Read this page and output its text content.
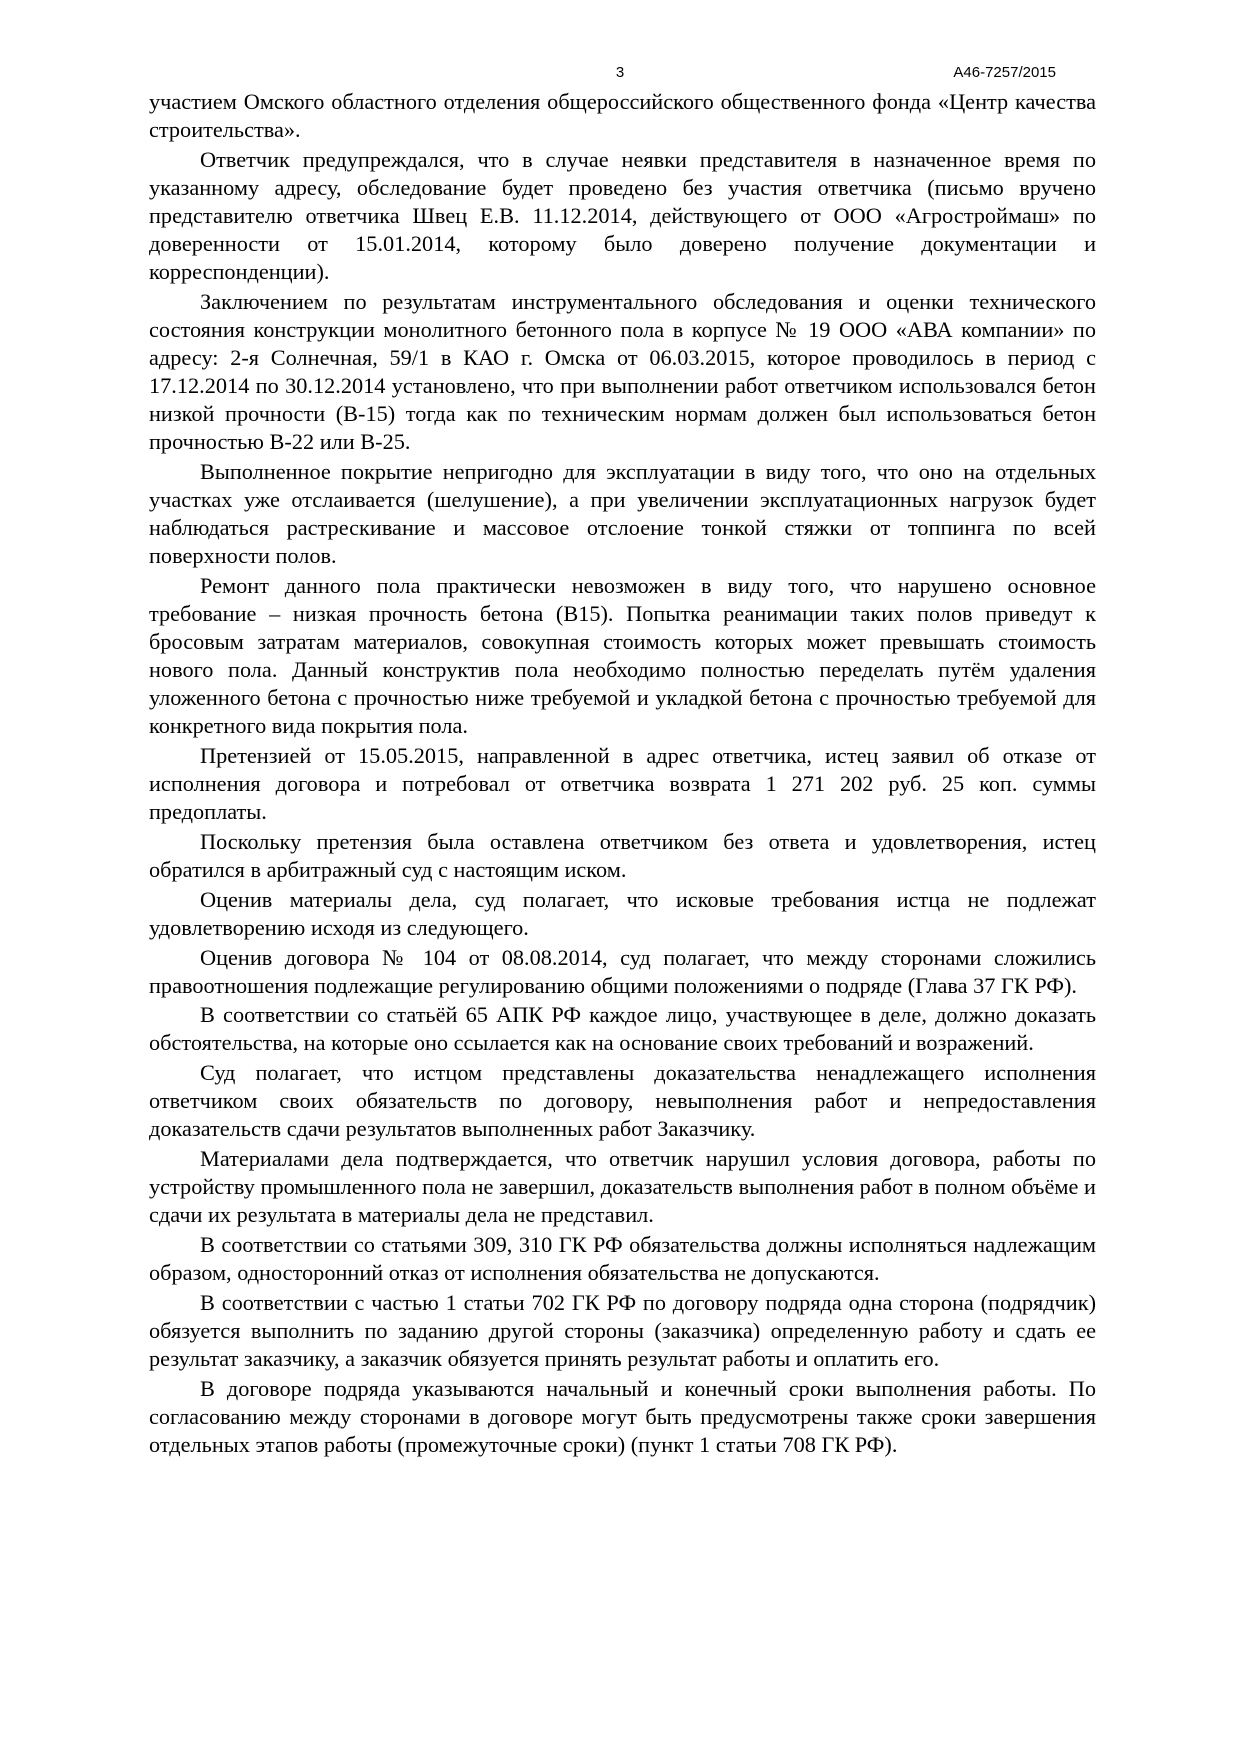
3	А46-7257/2015

участием Омского областного отделения общероссийского общественного фонда «Центр качества строительства».

Ответчик предупреждался, что в случае неявки представителя в назначенное время по указанному адресу, обследование будет проведено без участия ответчика (письмо вручено представителю ответчика Швец Е.В. 11.12.2014, действующего от ООО «Агростроймаш» по доверенности от 15.01.2014, которому было доверено получение документации и корреспонденции).

Заключением по результатам инструментального обследования и оценки технического состояния конструкции монолитного бетонного пола в корпусе № 19 ООО «АВА компании» по адресу: 2-я Солнечная, 59/1 в КАО г. Омска от 06.03.2015, которое проводилось в период с 17.12.2014 по 30.12.2014 установлено, что при выполнении работ ответчиком использовался бетон низкой прочности (В-15) тогда как по техническим нормам должен был использоваться бетон прочностью В-22 или В-25.

Выполненное покрытие непригодно для эксплуатации в виду того, что оно на отдельных участках уже отслаивается (шелушение), а при увеличении эксплуатационных нагрузок будет наблюдаться растрескивание и массовое отслоение тонкой стяжки от топпинга по всей поверхности полов.

Ремонт данного пола практически невозможен в виду того, что нарушено основное требование – низкая прочность бетона (В15). Попытка реанимации таких полов приведут к бросовым затратам материалов, совокупная стоимость которых может превышать стоимость нового пола. Данный конструктив пола необходимо полностью переделать путём удаления уложенного бетона с прочностью ниже требуемой и укладкой бетона с прочностью требуемой для конкретного вида покрытия пола.

Претензией от 15.05.2015, направленной в адрес ответчика, истец заявил об отказе от исполнения договора и потребовал от ответчика возврата 1 271 202 руб. 25 коп. суммы предоплаты.

Поскольку претензия была оставлена ответчиком без ответа и удовлетворения, истец обратился в арбитражный суд с настоящим иском.

Оценив материалы дела, суд полагает, что исковые требования истца не подлежат удовлетворению исходя из следующего.

Оценив договора № 104 от 08.08.2014, суд полагает, что между сторонами сложились правоотношения подлежащие регулированию общими положениями о подряде (Глава 37 ГК РФ).

В соответствии со статьёй 65 АПК РФ каждое лицо, участвующее в деле, должно доказать обстоятельства, на которые оно ссылается как на основание своих требований и возражений.

Суд полагает, что истцом представлены доказательства ненадлежащего исполнения ответчиком своих обязательств по договору, невыполнения работ и непредоставления доказательств сдачи результатов выполненных работ Заказчику.

Материалами дела подтверждается, что ответчик нарушил условия договора, работы по устройству промышленного пола не завершил, доказательств выполнения работ в полном объёме и сдачи их результата в материалы дела не представил.

В соответствии со статьями 309, 310 ГК РФ обязательства должны исполняться надлежащим образом, односторонний отказ от исполнения обязательства не допускаются.

В соответствии с частью 1 статьи 702 ГК РФ по договору подряда одна сторона (подрядчик) обязуется выполнить по заданию другой стороны (заказчика) определенную работу и сдать ее результат заказчику, а заказчик обязуется принять результат работы и оплатить его.

В договоре подряда указываются начальный и конечный сроки выполнения работы. По согласованию между сторонами в договоре могут быть предусмотрены также сроки завершения отдельных этапов работы (промежуточные сроки) (пункт 1 статьи 708 ГК РФ).
